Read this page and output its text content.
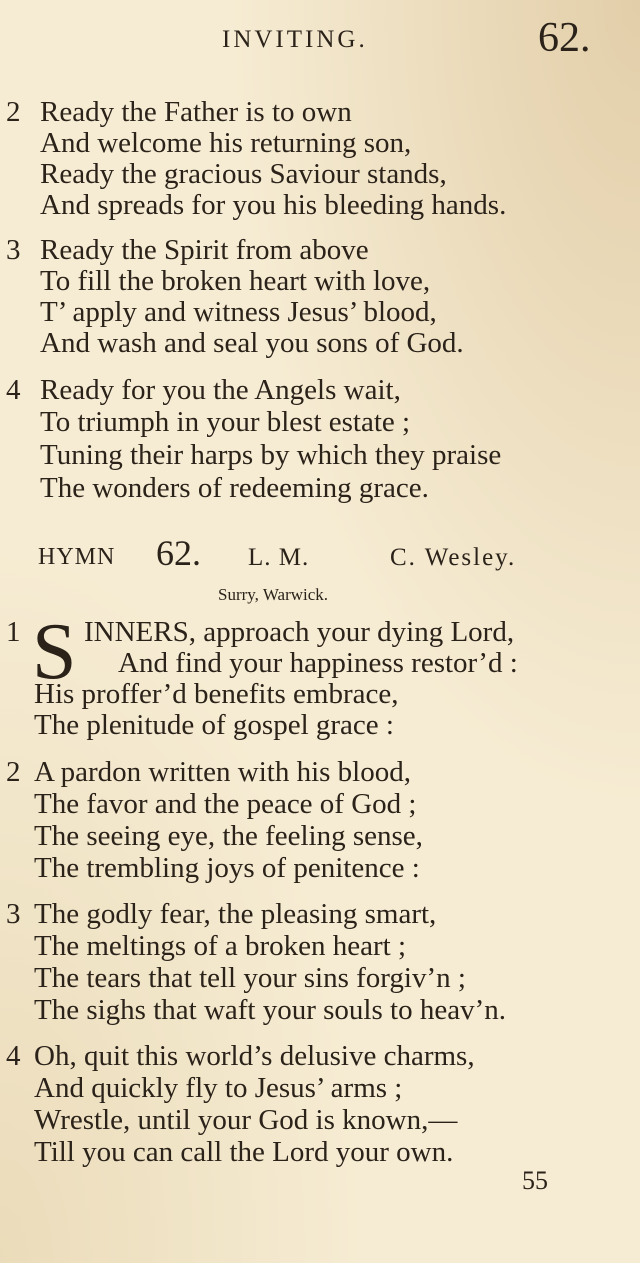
INVITING.	62.
2 Ready the Father is to own
And welcome his returning son,
Ready the gracious Saviour stands,
And spreads for you his bleeding hands.
3 Ready the Spirit from above
To fill the broken heart with love,
T’ apply and witness Jesus’ blood,
And wash and seal you sons of God.
4 Ready for you the Angels wait,
To triumph in your blest estate ;
Tuning their harps by which they praise
The wonders of redeeming grace.
HYMN 62. L. M.	C. Wesley.
Surry, Warwick.
1 S INNERS, approach your dying Lord,
And find your happiness restor’d :
His proffer’d benefits embrace,
The plenitude of gospel grace :
2 A pardon written with his blood,
The favor and the peace of God ;
The seeing eye, the feeling sense,
The trembling joys of penitence :
3 The godly fear, the pleasing smart,
The meltings of a broken heart ;
The tears that tell your sins forgiv’n ;
The sighs that waft your souls to heav’n.
4 Oh, quit this world’s delusive charms,
And quickly fly to Jesus’ arms ;
Wrestle, until your God is known,—
Till you can call the Lord your own.
55
